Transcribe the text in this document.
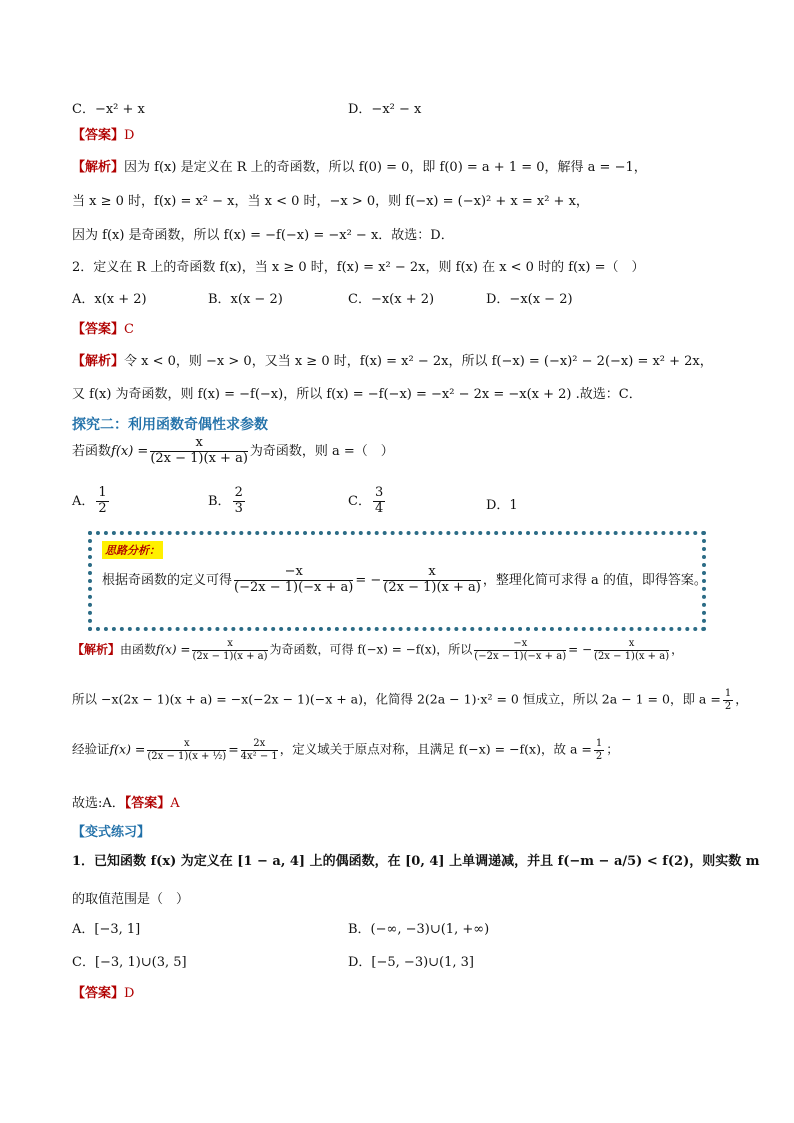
C．−x² + x	D．−x² − x
【答案】D
【解析】因为 f(x) 是定义在 R 上的奇函数，所以 f(0) = 0，即 f(0) = a + 1 = 0，解得 a = −1，
当 x ≥ 0 时，f(x) = x² − x，当 x < 0 时，−x > 0，则 f(−x) = (−x)² + x = x² + x，
因为 f(x) 是奇函数，所以 f(x) = −f(−x) = −x² − x．故选：D．
2．定义在 R 上的奇函数 f(x)，当 x ≥ 0 时，f(x) = x² − 2x，则 f(x) 在 x < 0 时的 f(x) =（　）
A．x(x + 2)	B．x(x − 2)	C．−x(x + 2)	D．−x(x − 2)
【答案】C
【解析】令 x < 0，则 −x > 0，又当 x ≥ 0 时，f(x) = x² − 2x，所以 f(−x) = (−x)² − 2(−x) = x² + 2x，
又 f(x) 为奇函数，则 f(x) = −f(−x)，所以 f(x) = −f(−x) = −x² − 2x = −x(x + 2) .故选：C．
探究二：利用函数奇偶性求参数
若函数$f(x) = \frac{x}{(2x - 1)(x + a)}$ 为奇函数，则 a =（　）
A． $\frac{1}{2}$	B． $\frac{2}{3}$	C． $\frac{3}{4}$	D．1
思路分析：
根据奇函数的定义可得 $\frac{-x}{(-2x - 1)(-x + a)}$ = − $\frac{x}{(2x - 1)(x + a)}$ ，整理化简可求得 a 的值，即得答案。
【解析】由函数$f(x) = \frac{x}{(2x - 1)(x + a)}$ 为奇函数，可得 f(−x) = −f(x)，所以 $\frac{-x}{(-2x - 1)(-x + a)}$ = − $\frac{x}{(2x - 1)(x + a)}$ ，
所以 −x(2x − 1)(x + a) = −x(−2x − 1)(−x + a)，化简得 2(2a − 1)·x² = 0 恒成立，所以 2a − 1 = 0，即 $a = \frac{1}{2}$ ，
经验证$f(x) = \frac{x}{\text{(2x − 1)(x + ½)}} = \frac{2x}{\text{4x² − 1}}$ ，定义域关于原点对称，且满足 f(−x) = −f(x)，故 $a = \frac{1}{2}$ ；
故选:A．【答案】A
【变式练习】
1．已知函数 f(x) 为定义在 [1 − a, 4] 上的偶函数，在 [0, 4] 上单调递减，并且 f(−m − a/5) < f(2)，则实数 m
的取值范围是（　）
A．[−3, 1]	B．(−∞, −3)∪(1, +∞)
C．[−3, 1)∪(3, 5]	D．[−5, −3)∪(1, 3]
【答案】D
